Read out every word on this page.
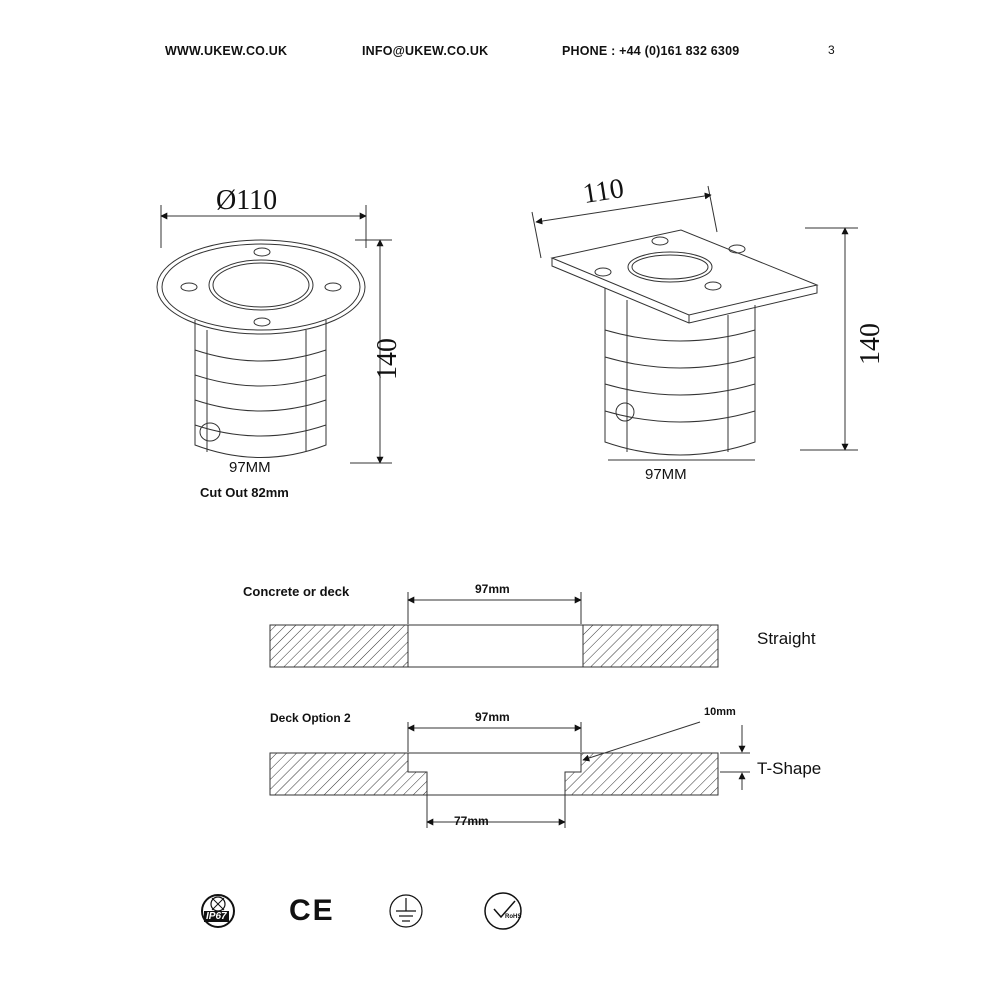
WWW.UKEW.CO.UK	INFO@UKEW.CO.UK	PHONE : +44 (0)161 832 6309	3
Ø110
140
97MM
Cut Out 82mm
110
140
97MM
Concrete or deck	97mm
Straight
Deck Option 2	97mm
77mm
10mm
T-Shape
IP67 CE	RoHS
